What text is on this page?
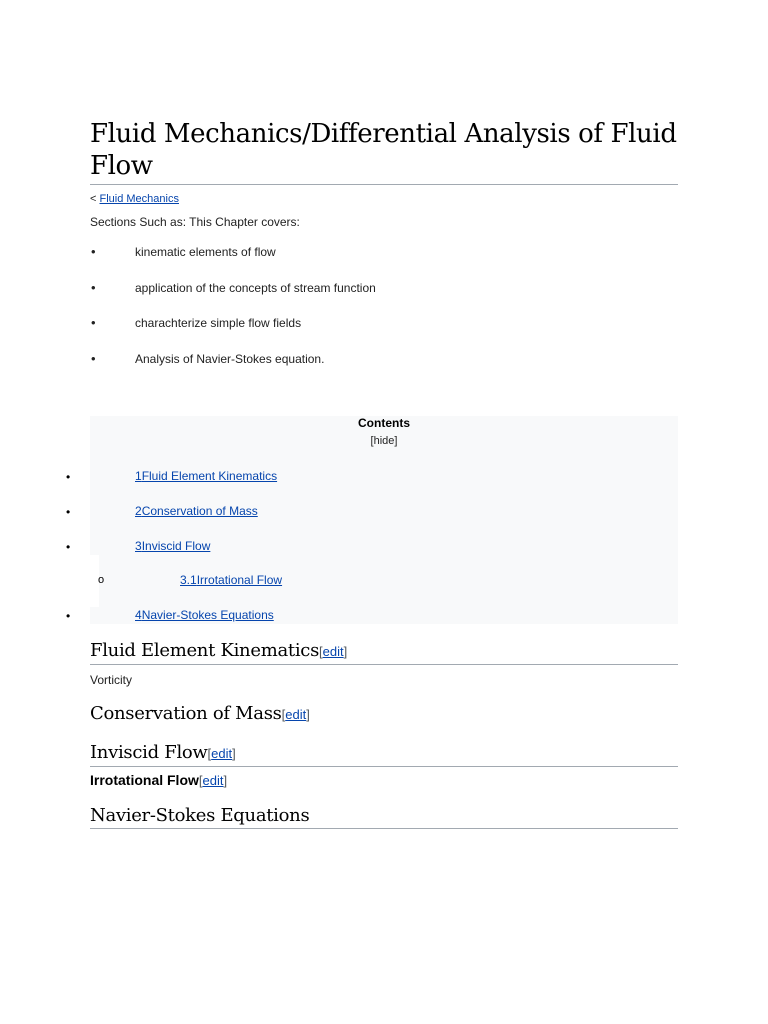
Fluid Mechanics/Differential Analysis of Fluid Flow
< Fluid Mechanics
Sections Such as: This Chapter covers:
•	kinematic elements of flow
•	application of the concepts of stream function
•	charachterize simple flow fields
•	Analysis of Navier-Stokes equation.
Contents
[hide]
•	1Fluid Element Kinematics
•	2Conservation of Mass
•	3Inviscid Flow
o	3.1Irrotational Flow
•	4Navier-Stokes Equations
Fluid Element Kinematics[edit]
Vorticity
Conservation of Mass[edit]
Inviscid Flow[edit]
Irrotational Flow[edit]
Navier-Stokes Equations
